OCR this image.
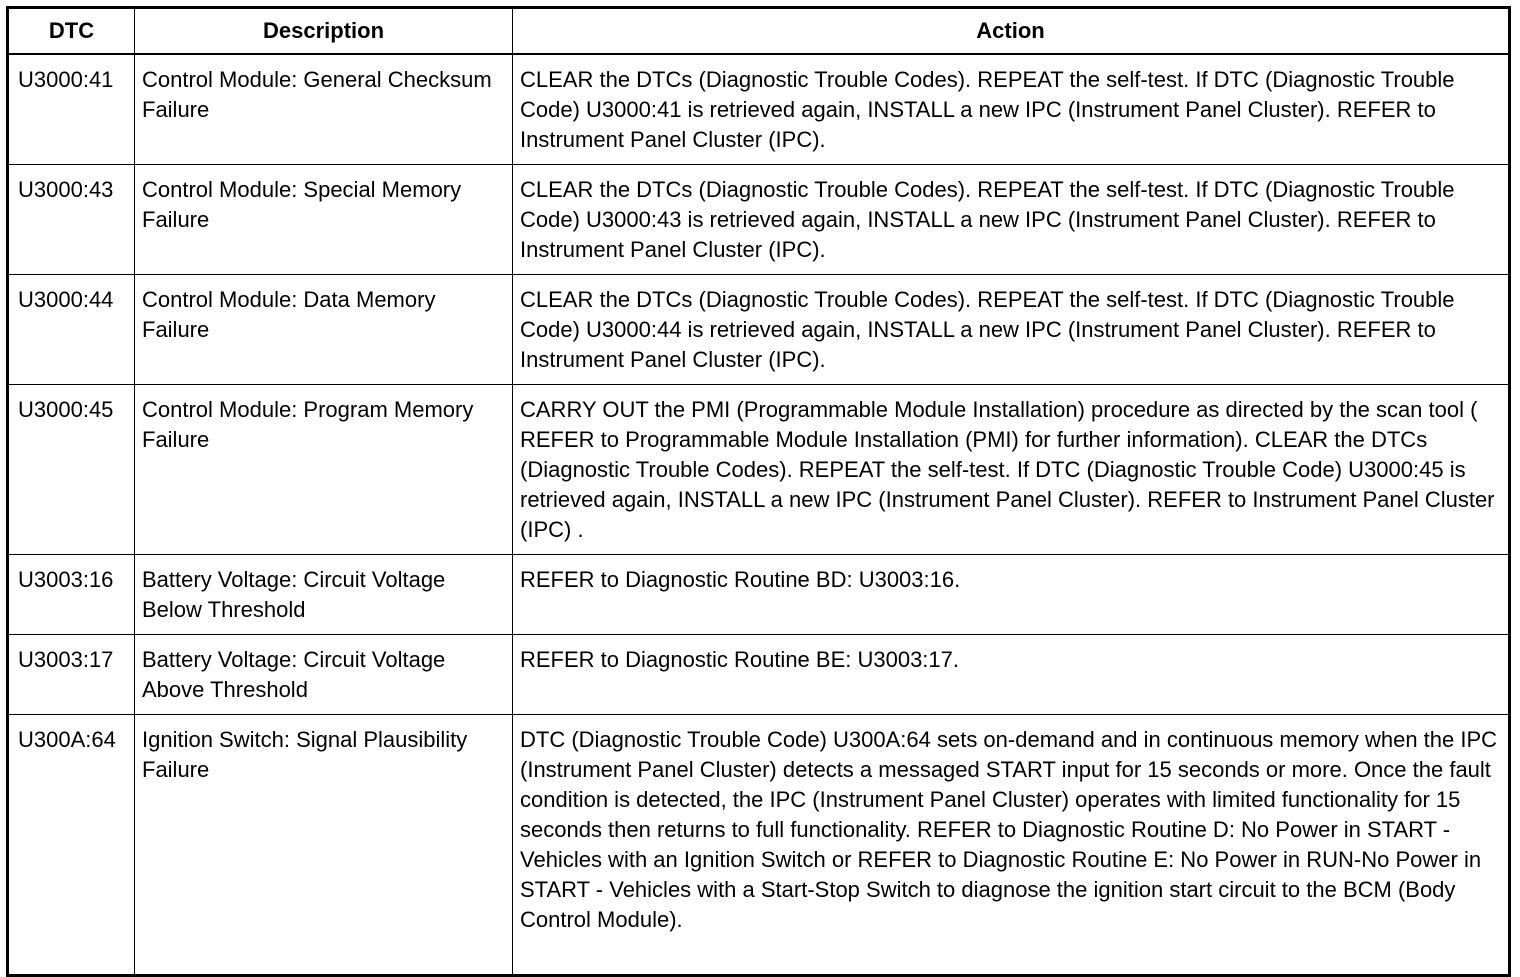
DTC	Description	Action
U3000:41	Control Module: General Checksum Failure	CLEAR the DTCs (Diagnostic Trouble Codes). REPEAT the self-test. If DTC (Diagnostic Trouble Code) U3000:41 is retrieved again, INSTALL a new IPC (Instrument Panel Cluster). REFER to Instrument Panel Cluster (IPC).
U3000:43	Control Module: Special Memory Failure	CLEAR the DTCs (Diagnostic Trouble Codes). REPEAT the self-test. If DTC (Diagnostic Trouble Code) U3000:43 is retrieved again, INSTALL a new IPC (Instrument Panel Cluster). REFER to Instrument Panel Cluster (IPC).
U3000:44	Control Module: Data Memory Failure	CLEAR the DTCs (Diagnostic Trouble Codes). REPEAT the self-test. If DTC (Diagnostic Trouble Code) U3000:44 is retrieved again, INSTALL a new IPC (Instrument Panel Cluster). REFER to Instrument Panel Cluster (IPC).
U3000:45	Control Module: Program Memory Failure	CARRY OUT the PMI (Programmable Module Installation) procedure as directed by the scan tool ( REFER to Programmable Module Installation (PMI) for further information). CLEAR the DTCs (Diagnostic Trouble Codes). REPEAT the self-test. If DTC (Diagnostic Trouble Code) U3000:45 is retrieved again, INSTALL a new IPC (Instrument Panel Cluster). REFER to Instrument Panel Cluster (IPC) .
U3003:16	Battery Voltage: Circuit Voltage Below Threshold	REFER to Diagnostic Routine BD: U3003:16.
U3003:17	Battery Voltage: Circuit Voltage Above Threshold	REFER to Diagnostic Routine BE: U3003:17.
U300A:64	Ignition Switch: Signal Plausibility Failure	DTC (Diagnostic Trouble Code) U300A:64 sets on-demand and in continuous memory when the IPC (Instrument Panel Cluster) detects a messaged START input for 15 seconds or more. Once the fault condition is detected, the IPC (Instrument Panel Cluster) operates with limited functionality for 15 seconds then returns to full functionality. REFER to Diagnostic Routine D: No Power in START - Vehicles with an Ignition Switch or REFER to Diagnostic Routine E: No Power in RUN-No Power in START - Vehicles with a Start-Stop Switch to diagnose the ignition start circuit to the BCM (Body Control Module).
